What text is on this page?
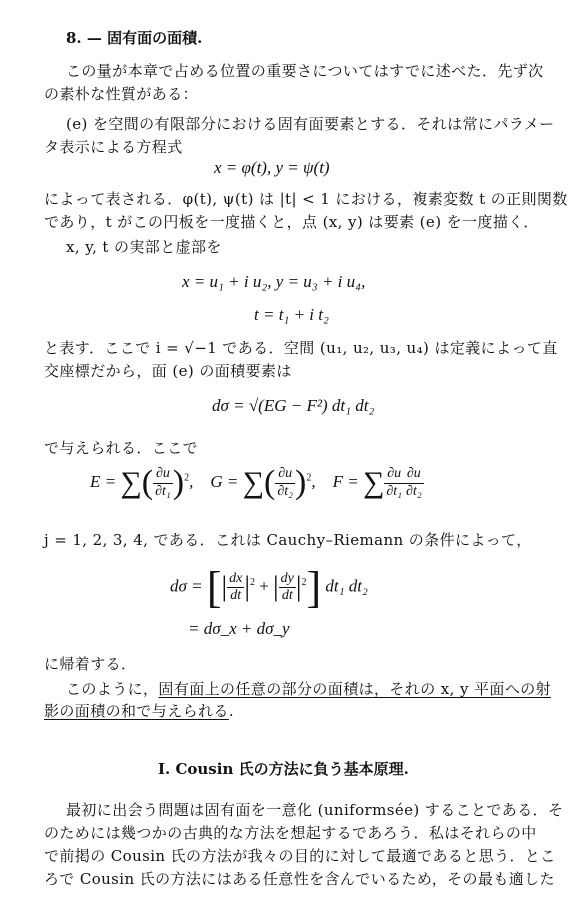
8. — 固有面の面積.
この量が本章で占める位置の重要さについてはすでに述べた．先ず次
の素朴な性質がある：
(e) を空間の有限部分における固有面要素とする．それは常にパラメー
タ表示による方程式
x = φ(t), y = ψ(t)
によって表される．φ(t), ψ(t) は |t| < 1 における，複素変数 t の正則関数
であり，t がこの円板を一度描くと，点 (x, y) は要素 (e) を一度描く．
x, y, t の実部と虚部を
x = u₁ + i u₂, y = u₃ + i u₄,
t = t₁ + i t₂
と表す．ここで i = √−1 である．空間 (u₁, u₂, u₃, u₄) は定義によって直
交座標だから，面 (e) の面積要素は
dσ = √(EG − F²) dt₁ dt₂
で与えられる．ここで
E = ∑( $\frac{\partial u}{\text{∂t₁}} )^2$,    G = ∑( $\frac{\partial u}{\text{∂t₂}} )^2$,    F = ∑ $\frac{\partial u}{\text{∂t₁}} \frac{\partial u}{\text{∂t₂}}$
j = 1, 2, 3, 4, である．これは Cauchy–Riemann の条件によって，
dσ = [| $\frac{dx}{dt} |^2$ + | $\frac{dy}{dt} |^2$] dt₁ dt₂
= dσ_x + dσ_y
に帰着する．
このように，固有面上の任意の部分の面積は，それの x, y 平面への射
影の面積の和で与えられる.
I. Cousin 氏の方法に負う基本原理.
最初に出会う問題は固有面を一意化 (uniformsée) することである．そ
のためには幾つかの古典的な方法を想起するであろう．私はそれらの中
で前掲の Cousin 氏の方法が我々の目的に対して最適であると思う．とこ
ろで Cousin 氏の方法にはある任意性を含んでいるため，その最も適した
